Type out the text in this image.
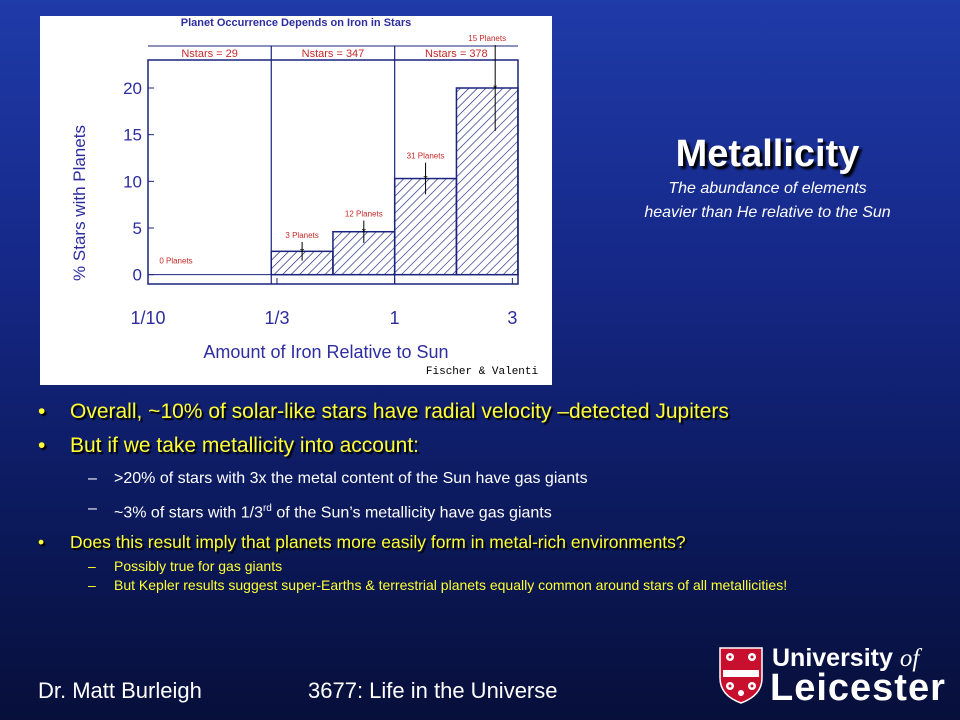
Planet Occurrence Depends on Iron in Stars
% Stars with Planets
Amount of Iron Relative to Sun
Fischer & Valenti
Nstars = 29	Nstars = 347	Nstars = 378
0 Planets
*
3 Planets	*
12 Planets
*
31 Planets
*
15 Planets
0
5
10
15
20
1/10	1/3	1	3
Metallicity
The abundance of elements
heavier than He relative to the Sun
• Overall, ~10% of solar-like stars have radial velocity –detected Jupiters
• But if we take metallicity into account:
– >20% of stars with 3x the metal content of the Sun have gas giants
– ~3% of stars with 1/3rd of the Sun’s metallicity have gas giants
• Does this result imply that planets more easily form in metal-rich environments?
– Possibly true for gas giants
– But Kepler results suggest super-Earths & terrestrial planets equally common around stars of all metallicities!
Dr. Matt Burleigh	3677: Life in the Universe
University of
Leicester
